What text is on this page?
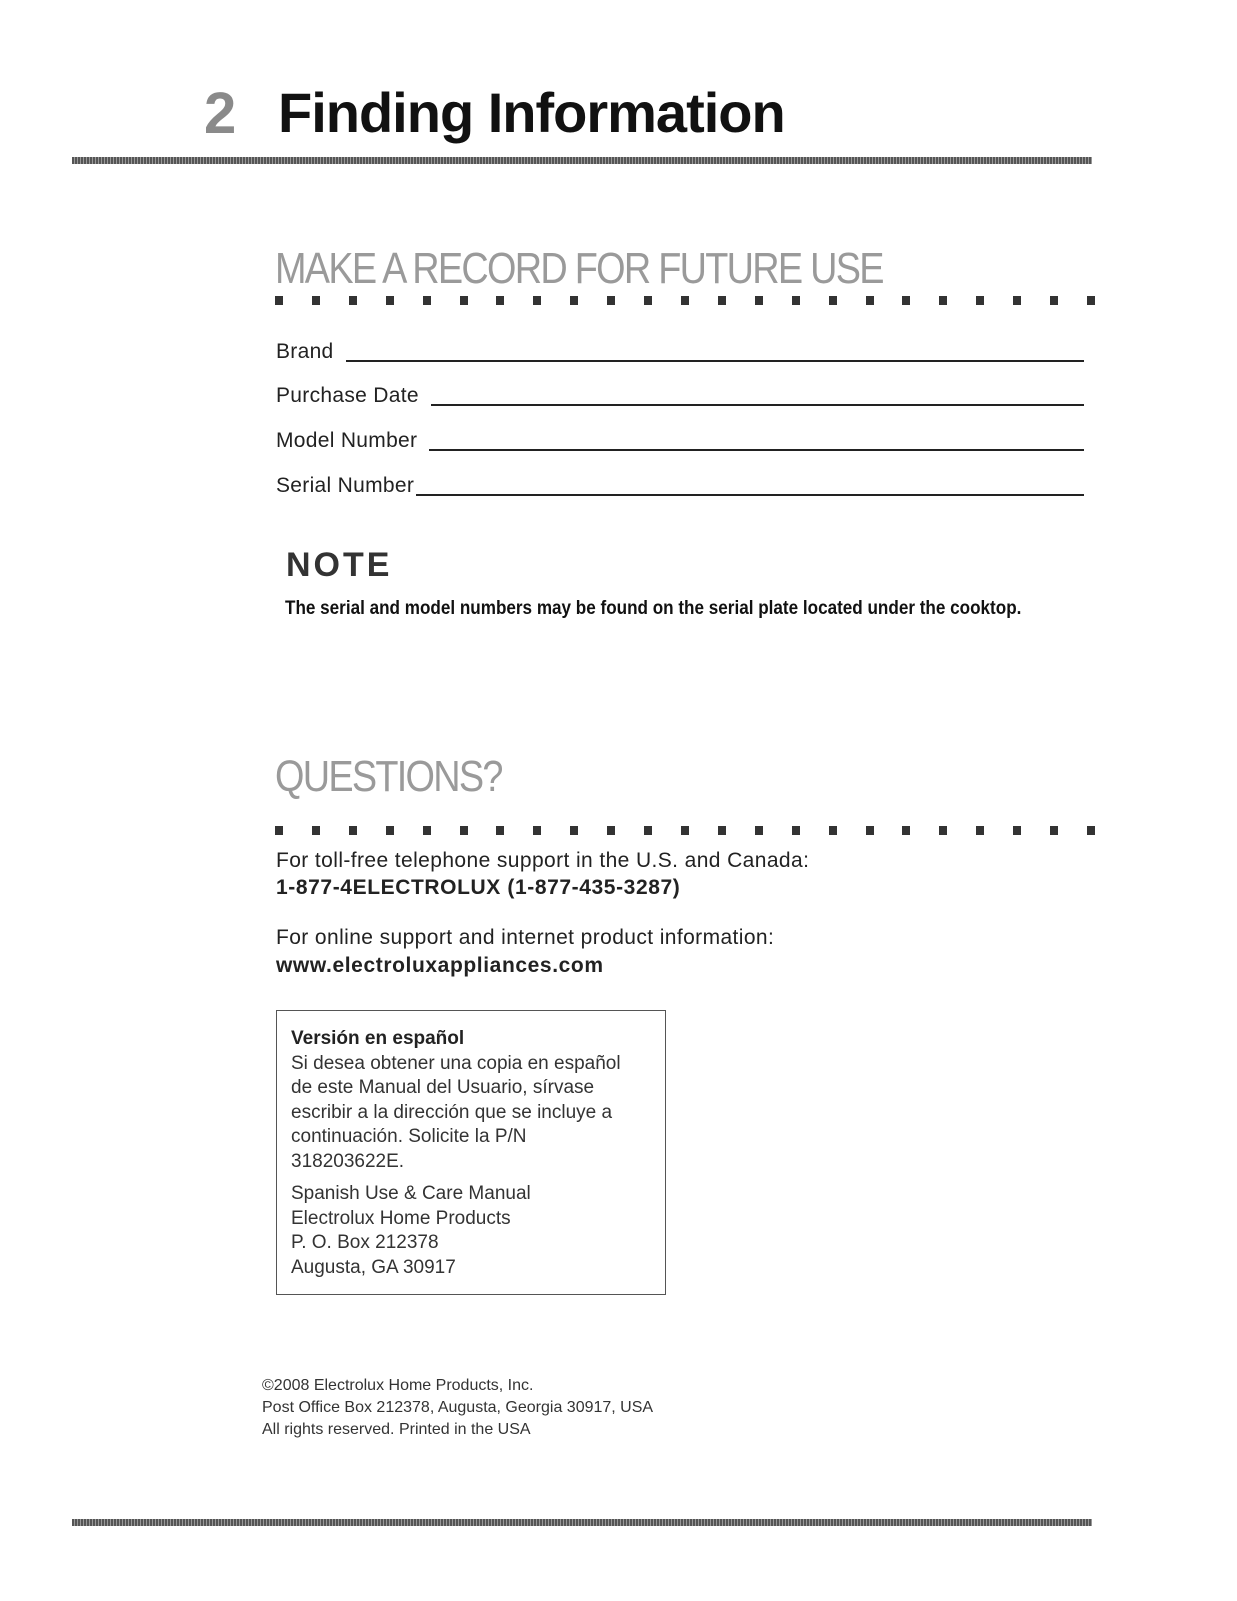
2 Finding Information
MAKE A RECORD FOR FUTURE USE
Brand
Purchase Date
Model Number
Serial Number
NOTE
The serial and model numbers may be found on the serial plate located under the cooktop.
QUESTIONS?
For toll-free telephone support in the U.S. and Canada:
1-877-4ELECTROLUX (1-877-435-3287)
For online support and internet product information:
www.electroluxappliances.com
Versión en español
Si desea obtener una copia en español
de este Manual del Usuario, sírvase
escribir a la dirección que se incluye a
continuación. Solicite la P/N
318203622E.
Spanish Use & Care Manual
Electrolux Home Products
P. O. Box 212378
Augusta, GA 30917
©2008 Electrolux Home Products, Inc.
Post Office Box 212378, Augusta, Georgia 30917, USA
All rights reserved. Printed in the USA
